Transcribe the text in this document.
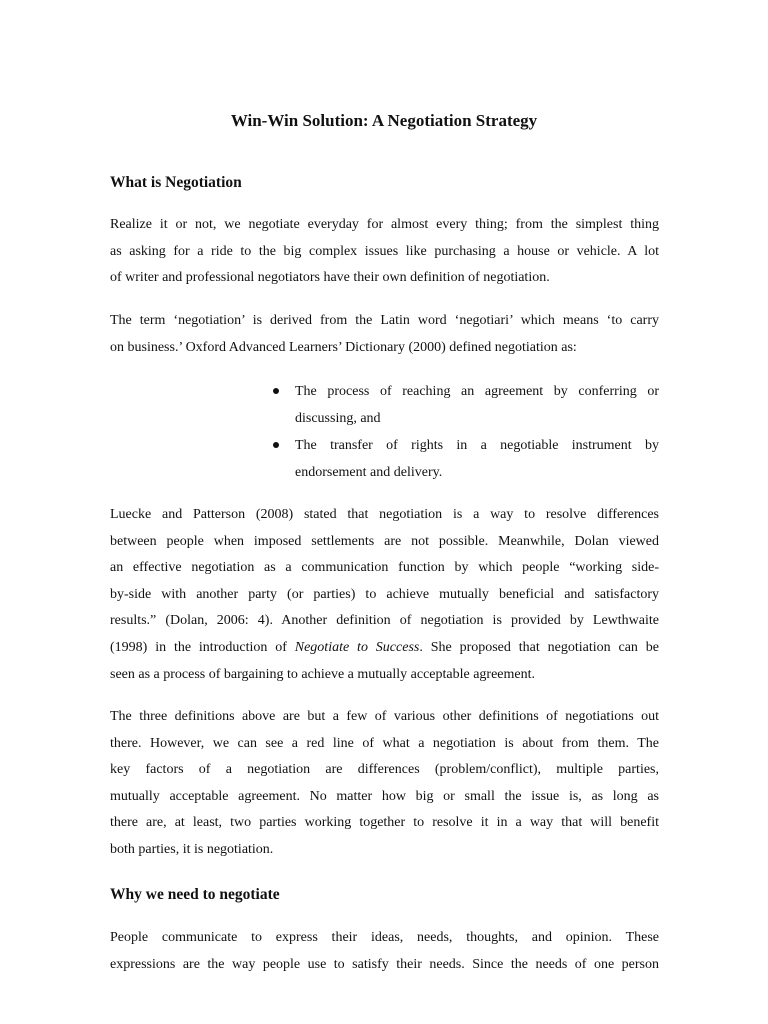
Win-Win Solution: A Negotiation Strategy
What is Negotiation

Realize it or not, we negotiate everyday for almost every thing; from the simplest thing
as asking for a ride to the big complex issues like purchasing a house or vehicle. A lot
of writer and professional negotiators have their own definition of negotiation.

The term ‘negotiation’ is derived from the Latin word ‘negotiari’ which means ‘to carry
on business.’ Oxford Advanced Learners’ Dictionary (2000) defined negotiation as:

The process of reaching an agreement by conferring or
discussing, and
The transfer of rights in a negotiable instrument by
endorsement and delivery.

Luecke and Patterson (2008) stated that negotiation is a way to resolve differences
between people when imposed settlements are not possible. Meanwhile, Dolan viewed
an effective negotiation as a communication function by which people “working side-
by-side with another party (or parties) to achieve mutually beneficial and satisfactory
results.” (Dolan, 2006: 4). Another definition of negotiation is provided by Lewthwaite
(1998) in the introduction of Negotiate to Success. She proposed that negotiation can be
seen as a process of bargaining to achieve a mutually acceptable agreement.

The three definitions above are but a few of various other definitions of negotiations out
there. However, we can see a red line of what a negotiation is about from them. The
key factors of a negotiation are differences (problem/conflict), multiple parties,
mutually acceptable agreement. No matter how big or small the issue is, as long as
there are, at least, two parties working together to resolve it in a way that will benefit
both parties, it is negotiation.

Why we need to negotiate

People communicate to express their ideas, needs, thoughts, and opinion. These
expressions are the way people use to satisfy their needs. Since the needs of one person
